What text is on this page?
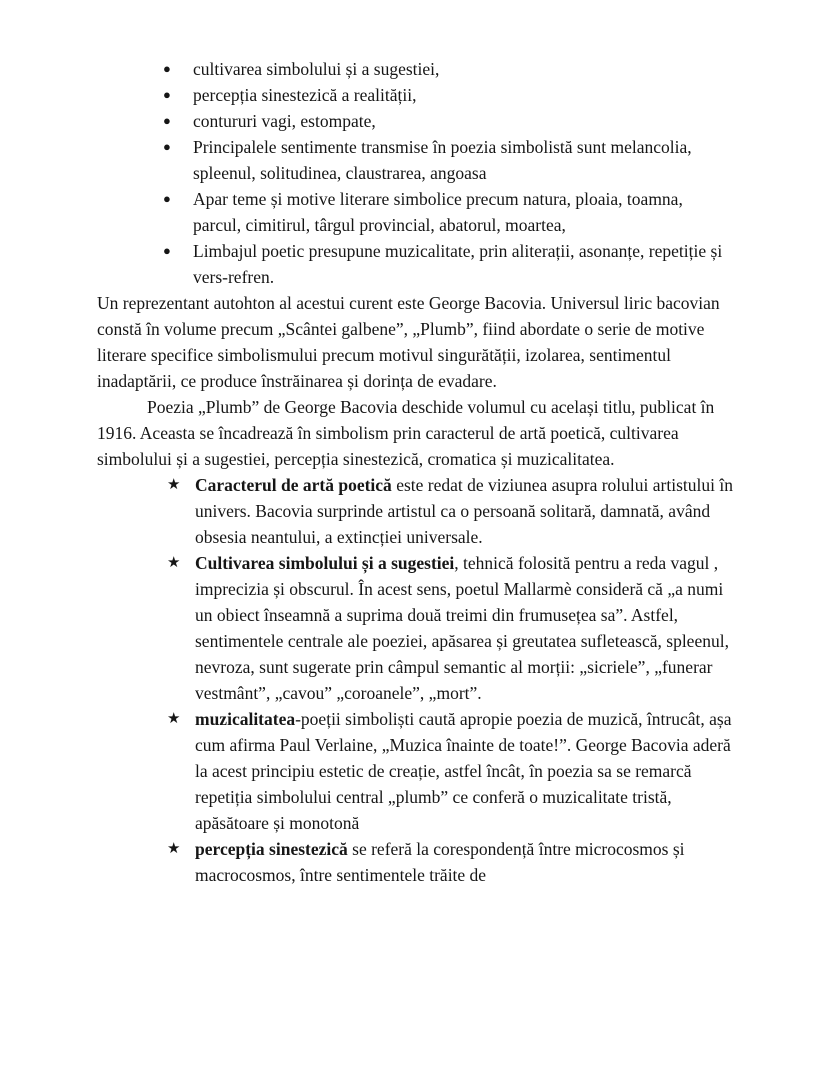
●	cultivarea simbolului și a sugestiei,
●	percepția sinestezică a realității,
●	contururi vagi, estompate,
●	Principalele sentimente transmise în poezia simbolistă sunt melancolia, spleenul, solitudinea, claustrarea, angoasa
●	Apar teme și motive literare simbolice precum natura, ploaia, toamna, parcul, cimitirul, târgul provincial, abatorul, moartea,
●	Limbajul poetic presupune muzicalitate, prin aliterații, asonanțe, repetiție și vers-refren.

Un reprezentant autohton al acestui curent este George Bacovia. Universul liric bacovian constă în volume precum „Scântei galbene”, „Plumb”, fiind abordate o serie de motive literare specifice simbolismului precum motivul singurătății, izolarea, sentimentul inadaptării, ce produce înstrăinarea și dorința de evadare.

Poezia „Plumb” de George Bacovia deschide volumul cu același titlu, publicat în 1916. Aceasta se încadrează în simbolism prin caracterul de artă poetică, cultivarea simbolului și a sugestiei, percepția sinestezică, cromatica și muzicalitatea.

★ Caracterul de artă poetică este redat de viziunea asupra rolului artistului în univers. Bacovia surprinde artistul ca o persoană solitară, damnată, având obsesia neantului, a extincției universale.
★ Cultivarea simbolului și a sugestiei, tehnică folosită pentru a reda vagul , imprecizia și obscurul. În acest sens, poetul Mallarmè consideră că „a numi un obiect înseamnă a suprima două treimi din frumusețea sa”. Astfel, sentimentele centrale ale poeziei, apăsarea și greutatea sufletească, spleenul, nevroza, sunt sugerate prin câmpul semantic al morții: „sicriele”, „funerar vestmânt”, „cavou” „coroanele”, „mort”.
★ muzicalitatea-poeții simboliști caută apropie poezia de muzică, întrucât, așa cum afirma Paul Verlaine, „Muzica înainte de toate!”. George Bacovia aderă la acest principiu estetic de creație, astfel încât, în poezia sa se remarcă repetiția simbolului central „plumb” ce conferă o muzicalitate tristă, apăsătoare și monotonă
★ percepția sinestezică se referă la corespondență între microcosmos și macrocosmos, între sentimentele trăite de
